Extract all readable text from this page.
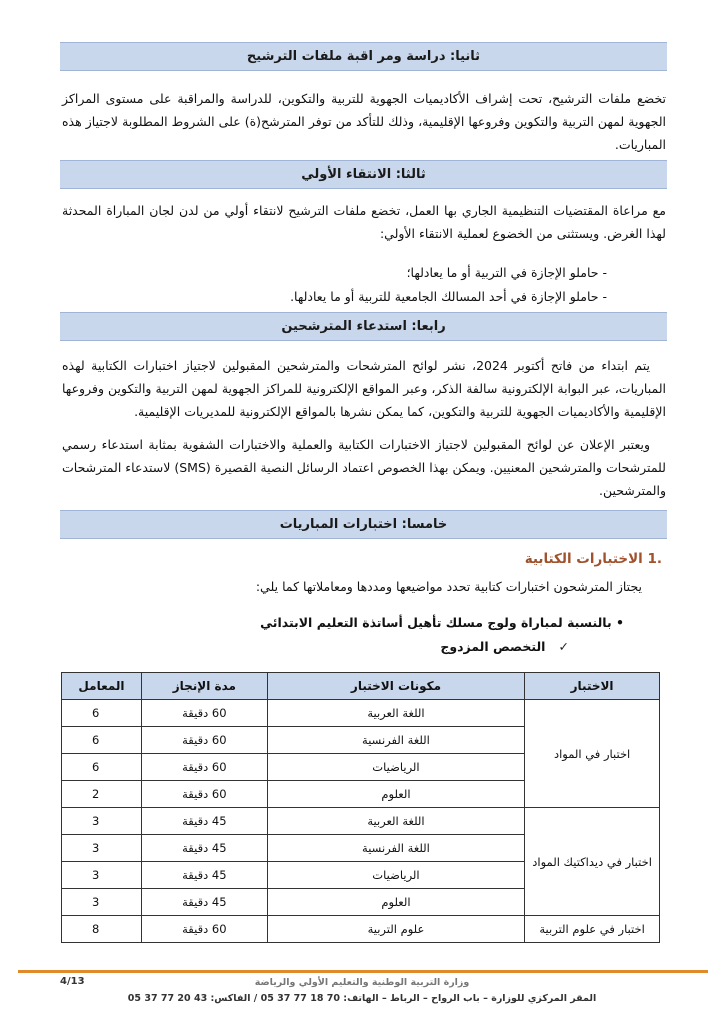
ثانيا: دراسة ومر اقبة ملفات الترشيح
تخضع ملفات الترشيح، تحت إشراف الأكاديميات الجهوية للتربية والتكوين، للدراسة والمراقبة على مستوى المراكز الجهوية لمهن التربية والتكوين وفروعها الإقليمية، وذلك للتأكد من توفر المترشح(ة) على الشروط المطلوبة لاجتياز هذه المباريات.
ثالثا: الانتقاء الأولي
مع مراعاة المقتضيات التنظيمية الجاري بها العمل، تخضع ملفات الترشيح لانتقاء أولي من لدن لجان المباراة المحدثة لهذا الغرض. ويستثنى من الخضوع لعملية الانتقاء الأولي:
- حاملو الإجازة في التربية أو ما يعادلها؛
- حاملو الإجازة في أحد المسالك الجامعية للتربية أو ما يعادلها.
رابعا: استدعاء المترشحين
يتم ابتداء من فاتح أكتوبر 2024، نشر لوائح المترشحات والمترشحين المقبولين لاجتياز اختبارات الكتابية لهذه المباريات، عبر البوابة الإلكترونية سالفة الذكر، وعبر المواقع الإلكترونية للمراكز الجهوية لمهن التربية والتكوين وفروعها الإقليمية والأكاديميات الجهوية للتربية والتكوين، كما يمكن نشرها بالمواقع الإلكترونية للمديريات الإقليمية.
ويعتبر الإعلان عن لوائح المقبولين لاجتياز الاختبارات الكتابية والعملية والاختبارات الشفوية بمثابة استدعاء رسمي للمترشحات والمترشحين المعنيين. ويمكن بهذا الخصوص اعتماد الرسائل النصية القصيرة (SMS) لاستدعاء المترشحات والمترشحين.
خامسا: اختبارات المباريات
.1 الاختبارات الكتابية
يجتاز المترشحون اختبارات كتابية تحدد مواضيعها ومددها ومعاملاتها كما يلي:
• بالنسبة لمباراة ولوج مسلك تأهيل أساتذة التعليم الابتدائي
✓   التخصص المزدوج
الاختبار	مكونات الاختبار	مدة الإنجاز	المعامل
اختبار في المواد	اللغة العربية	60 دقيقة	6
	اللغة الفرنسية	60 دقيقة	6
	الرياضيات	60 دقيقة	6
	العلوم	60 دقيقة	2
اختبار في ديداكتيك المواد	اللغة العربية	45 دقيقة	3
	اللغة الفرنسية	45 دقيقة	3
	الرياضيات	45 دقيقة	3
	العلوم	45 دقيقة	3
اختبار في علوم التربية	علوم التربية	60 دقيقة	8
وزارة التربية الوطنية والتعليم الأولي والرياضة
المقر المركزي للوزارة – باب الرواح – الرباط – الهاتف: 70 18 77 37 05 / الفاكس: 43 20 77 37 05
4/13
